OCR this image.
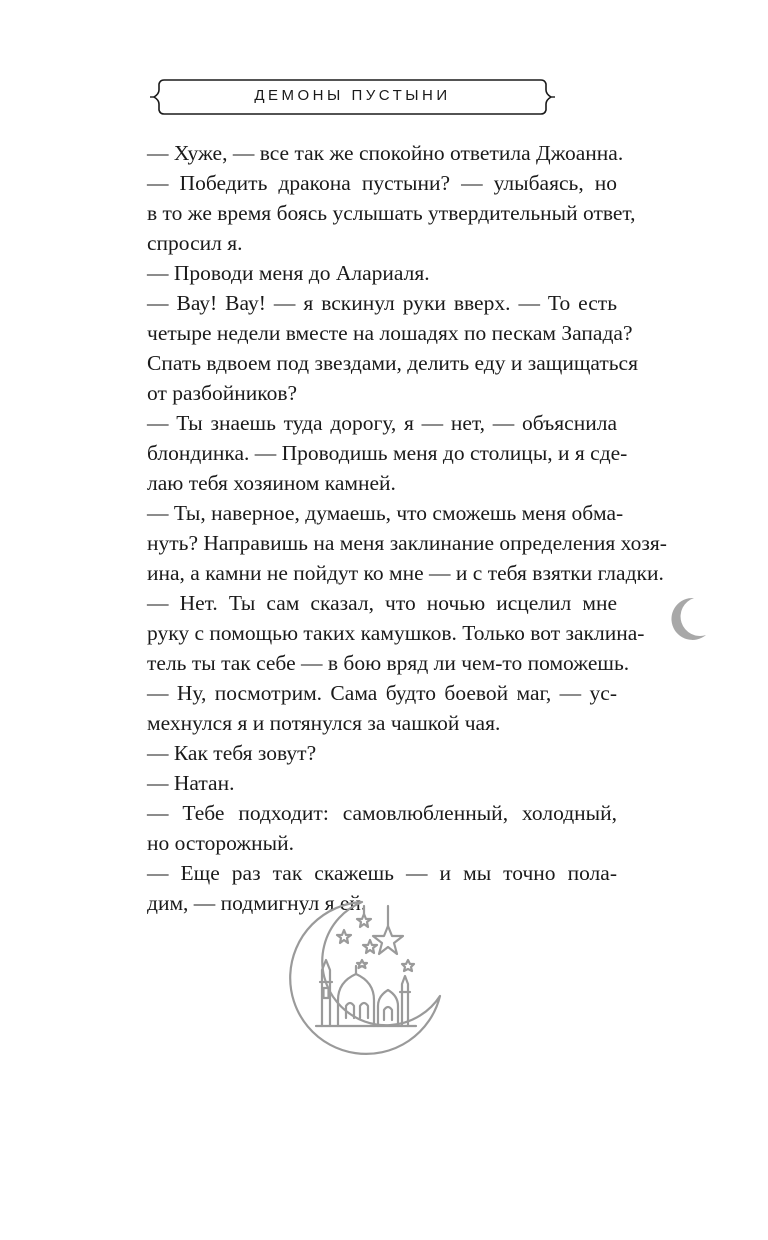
ДЕМОНЫ ПУСТЫНИ
— Хуже, — все так же спокойно ответила Джоанна.
— Победить дракона пустыни? — улыбаясь, но
в то же время боясь услышать утвердительный ответ,
спросил я.
— Проводи меня до Алариаля.
— Вау! Вау! — я вскинул руки вверх. — То есть
четыре недели вместе на лошадях по пескам Запада?
Спать вдвоем под звездами, делить еду и защищаться
от разбойников?
— Ты знаешь туда дорогу, я — нет, — объяснила
блондинка. — Проводишь меня до столицы, и я сде-
лаю тебя хозяином камней.
— Ты, наверное, думаешь, что сможешь меня обма-
нуть? Направишь на меня заклинание определения хозя-
ина, а камни не пойдут ко мне — и с тебя взятки гладки.
— Нет. Ты сам сказал, что ночью исцелил мне
руку с помощью таких камушков. Только вот заклина-
тель ты так себе — в бою вряд ли чем-то поможешь.
— Ну, посмотрим. Сама будто боевой маг, — ус-
мехнулся я и потянулся за чашкой чая.
— Как тебя зовут?
— Натан.
— Тебе подходит: самовлюбленный, холодный,
но осторожный.
— Еще раз так скажешь — и мы точно пола-
дим, — подмигнул я ей.
